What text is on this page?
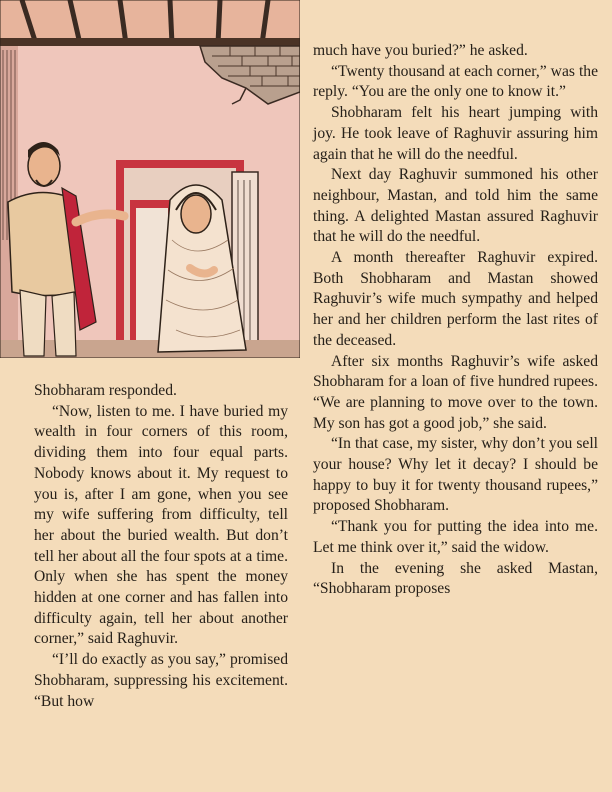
Shobharam responded.

“Now, listen to me. I have buried my wealth in four corners of this room, dividing them into four equal parts. Nobody knows about it. My request to you is, after I am gone, when you see my wife suffering from difficulty, tell her about the buried wealth. But don’t tell her about all the four spots at a time. Only when she has spent the money hidden at one corner and has fallen into difficulty again, tell her about another corner,” said Raghuvir.

“I’ll do exactly as you say,” promised Shobharam, suppressing his excitement. “But how

much have you buried?” he asked.

“Twenty thousand at each corner,” was the reply. “You are the only one to know it.”

Shobharam felt his heart jumping with joy. He took leave of Raghuvir assuring him again that he will do the needful.

Next day Raghuvir summoned his other neighbour, Mastan, and told him the same thing. A delighted Mastan assured Raghuvir that he will do the needful.

A month thereafter Raghuvir expired. Both Shobharam and Mastan showed Raghuvir’s wife much sympathy and helped her and her children perform the last rites of the deceased.

After six months Raghuvir’s wife asked Shobharam for a loan of five hundred rupees. “We are planning to move over to the town. My son has got a good job,” she said.

“In that case, my sister, why don’t you sell your house? Why let it decay? I should be happy to buy it for twenty thousand rupees,” proposed Shobharam.

“Thank you for putting the idea into me. Let me think over it,” said the widow.

In the evening she asked Mastan, “Shobharam proposes
